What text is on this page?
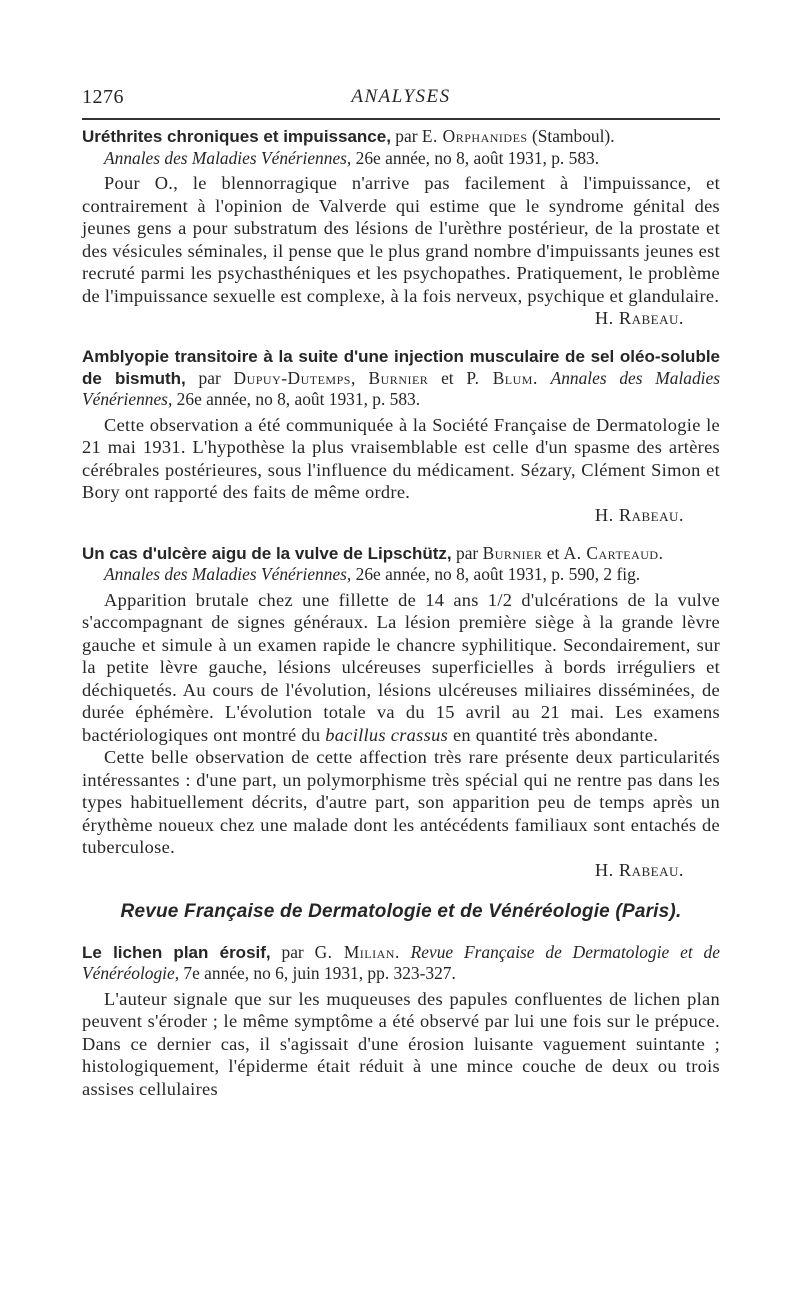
1276	ANALYSES

Uréthrites chroniques et impuissance, par E. Orphanides (Stamboul).
Annales des Maladies Vénériennes, 26e année, no 8, août 1931, p. 583.

Pour O., le blennorragique n'arrive pas facilement à l'impuissance, et contrairement à l'opinion de Valverde qui estime que le syndrome génital des jeunes gens a pour substratum des lésions de l'urèthre postérieur, de la prostate et des vésicules séminales, il pense que le plus grand nombre d'impuissants jeunes est recruté parmi les psychasthéniques et les psychopathes. Pratiquement, le problème de l'impuissance sexuelle est complexe, à la fois nerveux, psychique et glandulaire.

H. Rabeau.

Amblyopie transitoire à la suite d'une injection musculaire de sel oléo-soluble de bismuth, par Dupuy-Dutemps, Burnier et P. Blum. Annales des Maladies Vénériennes, 26e année, no 8, août 1931, p. 583.

Cette observation a été communiquée à la Société Française de Dermatologie le 21 mai 1931. L'hypothèse la plus vraisemblable est celle d'un spasme des artères cérébrales postérieures, sous l'influence du médicament. Sézary, Clément Simon et Bory ont rapporté des faits de même ordre.

H. Rabeau.

Un cas d'ulcère aigu de la vulve de Lipschütz, par Burnier et A. Carteaud.
Annales des Maladies Vénériennes, 26e année, no 8, août 1931, p. 590, 2 fig.

Apparition brutale chez une fillette de 14 ans 1/2 d'ulcérations de la vulve s'accompagnant de signes généraux. La lésion première siège à la grande lèvre gauche et simule à un examen rapide le chancre syphilitique. Secondairement, sur la petite lèvre gauche, lésions ulcéreuses superficielles à bords irréguliers et déchiquetés. Au cours de l'évolution, lésions ulcéreuses miliaires disséminées, de durée éphémère. L'évolution totale va du 15 avril au 21 mai. Les examens bactériologiques ont montré du bacillus crassus en quantité très abondante.

Cette belle observation de cette affection très rare présente deux particularités intéressantes : d'une part, un polymorphisme très spécial qui ne rentre pas dans les types habituellement décrits, d'autre part, son apparition peu de temps après un érythème noueux chez une malade dont les antécédents familiaux sont entachés de tuberculose.

H. Rabeau.

Revue Française de Dermatologie et de Vénéréologie (Paris).

Le lichen plan érosif, par G. Milian. Revue Française de Dermatologie et de Vénéréologie, 7e année, no 6, juin 1931, pp. 323-327.

L'auteur signale que sur les muqueuses des papules confluentes de lichen plan peuvent s'éroder ; le même symptôme a été observé par lui une fois sur le prépuce. Dans ce dernier cas, il s'agissait d'une érosion luisante vaguement suintante ; histologiquement, l'épiderme était réduit à une mince couche de deux ou trois assises cellulaires
